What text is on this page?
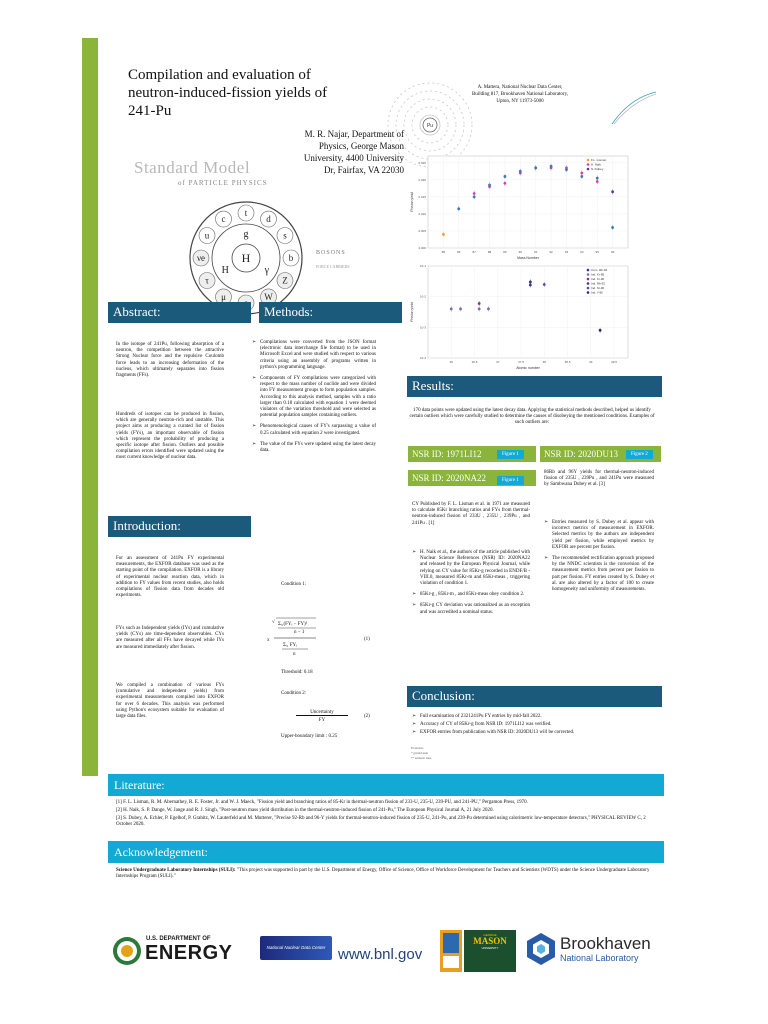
Compilation and evaluation of neutron-induced-fission yields of 241-Pu
Pu
M. R. Najar, Department of Physics, George Mason University, 4400 University Dr, Fairfax, VA 22030
A. Mattera, National Nuclear Data Center, Building 817, Brookhaven National Laboratory, Upton, NY 11973-5000
Standard Model
of PARTICLE PHYSICS
u
c
t
d
s
b
Z
W
μ
τ
νe
g
γ
H
H	BOSONS
FORCE CARRIERS
Abstract:
In the isotope of 241Pu, following absorption of a neutron, the competition between the attractive Strong Nuclear force and the repulsive Coulomb force leads to an increasing deformation of the nucleus, which ultimately separates into fission fragments (FFs).
Hundreds of isotopes can be produced in fission, which are generally neutron-rich and unstable. This project aims at producing a curated list of fission yields (FYs), an important observable of fission which represent the probability of producing a specific isotope after fission. Outliers and possible compilation errors identified were updated using the most current knowledge of nuclear data.
Introduction:
For an assessment of 241Pu FY experimental measurements, the EXFOR database was used as the starting point of the compilation. EXFOR is a library of experimental nuclear reaction data, which in addition to FY values from recent studies, also holds compilations of fission data from decades old experiments.
FYs such as Independent yields (IYs) and cumulative yields (CYs) are time-dependent observables. CYs are measured after all FFs have decayed while IYs are measured immediately after fission.
We compiled a combination of various FYs (cumulative and independent yields) from experimental measurements compiled into EXFOR for over 6 decades. This analysis was performed using Python's ecosystem suitable for evaluation of large data files.
Methods:
➢ Compilations were converted from the JSON format (electronic data interchange file format) to be used in Microsoft Excel and were studied with respect to various criteria using an assembly of programs written in python's programming language.
➢ Components of FY compilations were categorized with respect to the mass number of nuclide and were divided into FY measurement groups to form population samples. According to this analysis method, samples with a ratio larger than 0.18 calculated with equation 1 were deemed violators of the variation threshold and were selected as potential population samples containing outliers.
➢ Phenomenological causes of FY's surpassing a value of 0.25 calculated with equation 2 were investigated.
➢ The value of the FYs were updated using the latest decay data.
Condition 1:
√ Σᵢ₁(FYᵢ − FY)²
n − 1
Σᵢ₁ FYᵢ
n
x	(1)
Threshold: 0.18
Condition 2:
Uncertainty
FY
(2)
Upper-boundary limit : 0.25
85	86	87	88	89	90	91	92	93	94	95	96
0.000
0.005
0.010
0.015
0.020
0.025
Mass Number
Fission yield
F.L. Lisman
H. Naik
S. Dubey
36	36.5	37	37.5	38	38.5	39	39.5
10-4
10-3
10-2
10-1
Atomic number
Fission yield
Cum. Rb-92
Ind. Kr-85
Ind. Kr-90
Ind. Rb-92
Ind. Sr-90
Ind. Y-96
Results:
170 data points were updated using the latest decay data. Applying the statistical methods described, helped us identify certain outliers which were carefully studied to determine the causes of disobeying the mentioned conditions. Examples of such outliers are:
NSR ID: 1971LI12	Figure 1
NSR ID: 2020NA22	Figure 1
NSR ID: 2020DU13	Figure 2
CY Published by F. L. Lisman et al. in 1971 are measured to calculate 85Kr branching ratios and FYs from thermal-neutron-induced fission of 233U , 235U , 239Pu , and 241Pu . [1]
➢ H. Naik et al., the authors of the article published with Nuclear Science References (NSR) ID: 2020NA22 and released by the European Physical Journal, while relying on CY value for 85Kr-g recorded in ENDF/B - VIII.0, measured 85Kr-m and 85Kr-meas , triggering violation of condition 1.
➢ 85Kr-g , 85Kr-m , and 85Kr-meas obey condition 2.
➢ 85Kr-g CY deviation was rationalized as an exception and was accredited a nominal status.
86Rb and 96Y yields for thermal-neutron-induced fission of 235U , 239Pu , and 241Pu were measured by Sambwana Dubey et al. [3]
➢ Entries measured by S. Dubey et al. appear with incorrect metrics of measurement in EXFOR. Selected metrics by the authors are independent yield per fission, while employed metrics by EXFOR are percent per fission.
➢ The recommended rectification approach proposed by the NNDC scientists is the conversion of the measurement metrics from percent per fission to part per fission. FY entries created by S. Dubey et al. are also altered by a factor of 100 to create homogeneity and uniformity of measurements.
Conclusion:
➢ Full examination of 2321241Pu FY entries by mid-fall 2022.
➢ Accuracy of CY of 85Kr-g from NSR ID: 1971LI12 was verified.
➢ EXFOR entries from publication with NSR ID: 2020DU13 will be corrected.
Footnotes:
* ground state
** isomeric state
Literature:
[1] F. L. Lisman, R. M. Abernathey, R. E. Foster, Jr. and W. J. Maeck, "Fission yield and branching ratios of 85-Kr in thermal-neutron fission of 233-U, 235-U, 239-PU, and 241-PU," Pergamon Press, 1970.
[2] H. Naik, S. P. Dange, W. Jange and R. J. Singh, "Post-neutron mass yield distribution in the thermal-neutron-induced fission of 241-Pu," The European Physical Journal A, 21 July 2020.
[3] S. Dubey, A. Echler, P. Egelhof, P. Grabitz, W. Lauterfeld and M. Mutterer, "Precise 92-Rb and 96-Y yields for thermal-neutron-induced fission of 235-U, 241-Pu, and 239-Pu determined using calorimetric low-temperature detectors," PHYSICAL REVIEW C, 2 October 2020.
Acknowledgement:
Science Undergraduate Laboratory Internships (SULI): "This project was supported in part by the U.S. Department of Energy, Office of Science, Office of Workforce Development for Teachers and Scientists (WDTS) under the Science Undergraduate Laboratory Internships Program (SULI)."
U.S. DEPARTMENT OF
ENERGY	National Nuclear Data Center www.bnl.gov
GEORGE
MASON
UNIVERSITY	Brookhaven
National Laboratory
